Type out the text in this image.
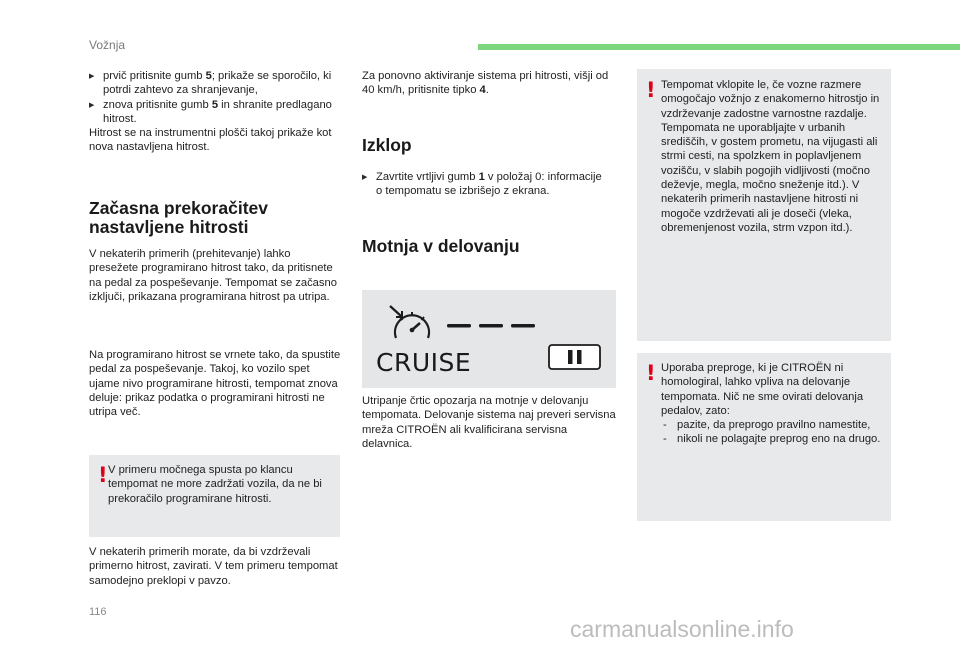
Vožnja
▶ prvič pritisnite gumb 5; prikaže se sporočilo, ki potrdi zahtevo za shranjevanje,
▶ znova pritisnite gumb 5 in shranite predlagano hitrost.
Hitrost se na instrumentni plošči takoj prikaže kot nova nastavljena hitrost.
Začasna prekoračitev nastavljene hitrosti
V nekaterih primerih (prehitevanje) lahko presežete programirano hitrost tako, da pritisnete na pedal za pospeševanje. Tempomat se začasno izključi, prikazana programirana hitrost pa utripa.
Na programirano hitrost se vrnete tako, da spustite pedal za pospeševanje. Takoj, ko vozilo spet ujame nivo programirane hitrosti, tempomat znova deluje: prikaz podatka o programirani hitrosti ne utripa več.
! V primeru močnega spusta po klancu tempomat ne more zadržati vozila, da ne bi prekoračilo programirane hitrosti.
V nekaterih primerih morate, da bi vzdrževali primerno hitrost, zavirati. V tem primeru tempomat samodejno preklopi v pavzo.
Za ponovno aktiviranje sistema pri hitrosti, višji od 40 km/h, pritisnite tipko 4.
Izklop
▶ Zavrtite vrtljivi gumb 1 v položaj 0: informacije o tempomatu se izbrišejo z ekrana.
Motnja v delovanju
CRUISE
Utripanje črtic opozarja na motnje v delovanju tempomata. Delovanje sistema naj preveri servisna mreža CITROËN ali kvalificirana servisna delavnica.
! Tempomat vklopite le, če vozne razmere omogočajo vožnjo z enakomerno hitrostjo in vzdrževanje zadostne varnostne razdalje. Tempomata ne uporabljajte v urbanih središčih, v gostem prometu, na vijugasti ali strmi cesti, na spolzkem in poplavljenem vozišču, v slabih pogojih vidljivosti (močno deževje, megla, močno sneženje itd.). V nekaterih primerih nastavljene hitrosti ni mogoče vzdrževati ali je doseči (vleka, obremenjenost vozila, strm vzpon itd.).
! Uporaba preproge, ki je CITROËN ni homologiral, lahko vpliva na delovanje tempomata. Nič ne sme ovirati delovanja pedalov, zato:
- pazite, da preprogo pravilno namestite,
- nikoli ne polagajte preprog eno na drugo.
116
carmanualsonline.info
